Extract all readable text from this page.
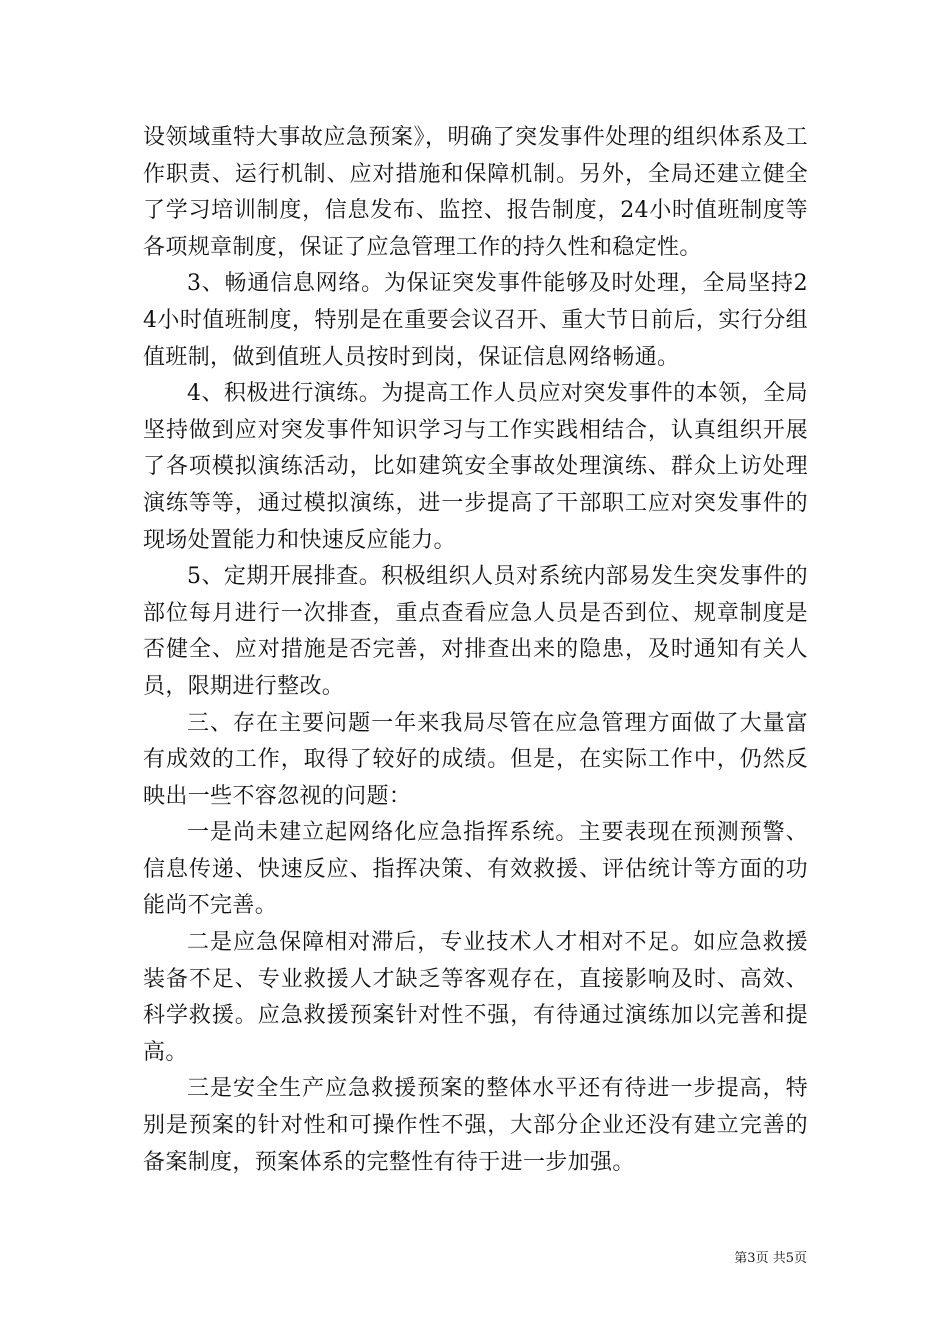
设领域重特大事故应急预案》，明确了突发事件处理的组织体系及工作职责、运行机制、应对措施和保障机制。另外，全局还建立健全了学习培训制度，信息发布、监控、报告制度，24小时值班制度等各项规章制度，保证了应急管理工作的持久性和稳定性。

3、畅通信息网络。为保证突发事件能够及时处理，全局坚持24小时值班制度，特别是在重要会议召开、重大节日前后，实行分组值班制，做到值班人员按时到岗，保证信息网络畅通。

4、积极进行演练。为提高工作人员应对突发事件的本领，全局坚持做到应对突发事件知识学习与工作实践相结合，认真组织开展了各项模拟演练活动，比如建筑安全事故处理演练、群众上访处理演练等等，通过模拟演练，进一步提高了干部职工应对突发事件的现场处置能力和快速反应能力。

5、定期开展排查。积极组织人员对系统内部易发生突发事件的部位每月进行一次排查，重点查看应急人员是否到位、规章制度是否健全、应对措施是否完善，对排查出来的隐患，及时通知有关人员，限期进行整改。

三、存在主要问题一年来我局尽管在应急管理方面做了大量富有成效的工作，取得了较好的成绩。但是，在实际工作中，仍然反映出一些不容忽视的问题：

一是尚未建立起网络化应急指挥系统。主要表现在预测预警、信息传递、快速反应、指挥决策、有效救援、评估统计等方面的功能尚不完善。

二是应急保障相对滞后，专业技术人才相对不足。如应急救援装备不足、专业救援人才缺乏等客观存在，直接影响及时、高效、科学救援。应急救援预案针对性不强，有待通过演练加以完善和提高。

三是安全生产应急救援预案的整体水平还有待进一步提高，特别是预案的针对性和可操作性不强，大部分企业还没有建立完善的备案制度，预案体系的完整性有待于进一步加强。

第3页 共5页
